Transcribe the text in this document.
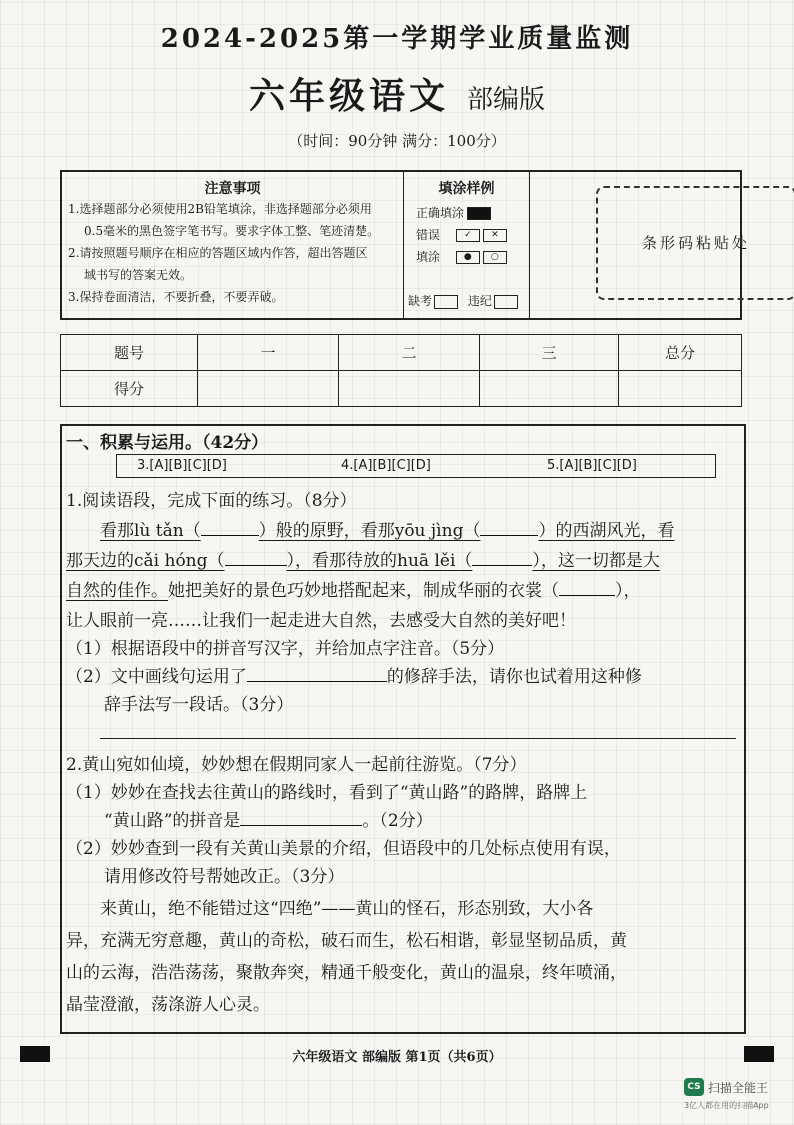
2024-2025第一学期学业质量监测
六年级语文 部编版
（时间：90分钟 满分：100分）
注意事项
1.选择题部分必须使用2B铅笔填涂，非选择题部分必须用
0.5毫米的黑色签字笔书写。要求字体工整、笔迹清楚。
2.请按照题号顺序在相应的答题区域内作答，超出答题区
域书写的答案无效。
3.保持卷面清洁，不要折叠，不要弄破。
填涂样例
正确填涂
错误	✓ ✕
填涂	● ○
缺考	违纪
条形码粘贴处
题号	一	二	三	总分
得分				
一、积累与运用。（42分）
3.[A][B][C][D]	4.[A][B][C][D]	5.[A][B][C][D]
1.阅读语段，完成下面的练习。（8分）
看那lù tǎn（	）般的原野，看那yōu jìng（	）的西湖风光，看
那天边的cǎi hóng（	），看那待放的huā lěi（	），这一切都是大
自然的佳作。她把美好的景色巧妙地搭配起来，制成华丽的衣裳（	），
让人眼前一亮……让我们一起走进大自然，去感受大自然的美好吧！
（1）根据语段中的拼音写汉字，并给加点字注音。（5分）
（2）文中画线句运用了	的修辞手法，请你也试着用这种修
辞手法写一段话。（3分）
2.黄山宛如仙境，妙妙想在假期同家人一起前往游览。（7分）
（1）妙妙在查找去往黄山的路线时，看到了“黄山路”的路牌，路牌上
“黄山路”的拼音是	。（2分）
（2）妙妙查到一段有关黄山美景的介绍，但语段中的几处标点使用有误，
请用修改符号帮她改正。（3分）
来黄山，绝不能错过这“四绝”——黄山的怪石，形态别致，大小各
异，充满无穷意趣，黄山的奇松，破石而生，松石相谐，彰显坚韧品质，黄
山的云海，浩浩荡荡，聚散奔突，精通千般变化，黄山的温泉，终年喷涌，
晶莹澄澈，荡涤游人心灵。
六年级语文 部编版 第1页（共6页）
CS 扫描全能王
3亿人都在用的扫描App
